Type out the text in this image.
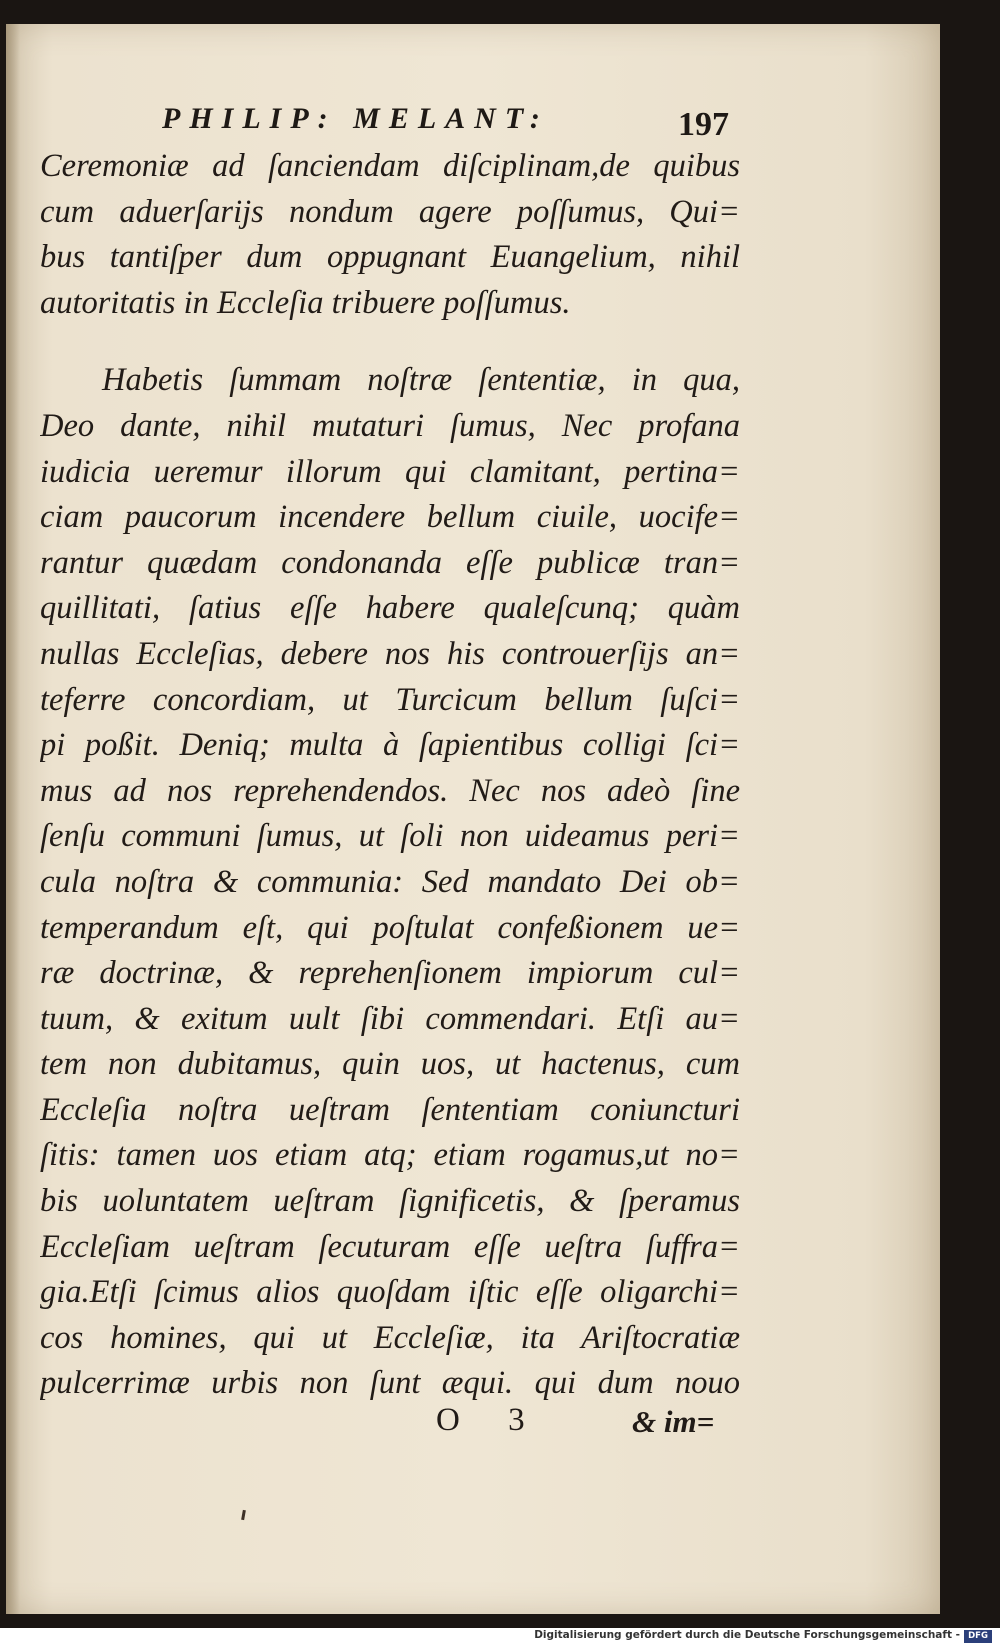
PHILIP: MELANT:	197
Ceremoniæ ad ſanciendam diſciplinam,de quibus
cum aduerſarijs nondum agere poſſumus, Qui=
bus tantiſper dum oppugnant Euangelium, nihil
autoritatis in Eccleſia tribuere poſſumus.
Habetis ſummam noſtræ ſententiæ, in qua,
Deo dante, nihil mutaturi ſumus, Nec profana
iudicia ueremur illorum qui clamitant, pertina=
ciam paucorum incendere bellum ciuile, uocife=
rantur quædam condonanda eſſe publicæ tran=
quillitati, ſatius eſſe habere qualeſcunq; quàm
nullas Eccleſias, debere nos his controuerſijs an=
teferre concordiam, ut Turcicum bellum ſuſci=
pi poßit. Deniq; multa à ſapientibus colligi ſci=
mus ad nos reprehendendos. Nec nos adeò ſine
ſenſu communi ſumus, ut ſoli non uideamus peri=
cula noſtra & communia: Sed mandato Dei ob=
temperandum eſt, qui poſtulat confeßionem ue=
ræ doctrinæ, & reprehenſionem impiorum cul=
tuum, & exitum uult ſibi commendari. Etſi au=
tem non dubitamus, quin uos, ut hactenus, cum
Eccleſia noſtra ueſtram ſententiam coniuncturi
ſitis: tamen uos etiam atq; etiam rogamus,ut no=
bis uoluntatem ueſtram ſignificetis, & ſperamus
Eccleſiam ueſtram ſecuturam eſſe ueſtra ſuffra=
gia.Etſi ſcimus alios quoſdam iſtic eſſe oligarchi=
cos homines, qui ut Eccleſiæ, ita Ariſtocratiæ
pulcerrimæ urbis non ſunt æqui. qui dum nouo
O 3	& im=
Digitalisierung gefördert durch die Deutsche Forschungsgemeinschaft - DFG
